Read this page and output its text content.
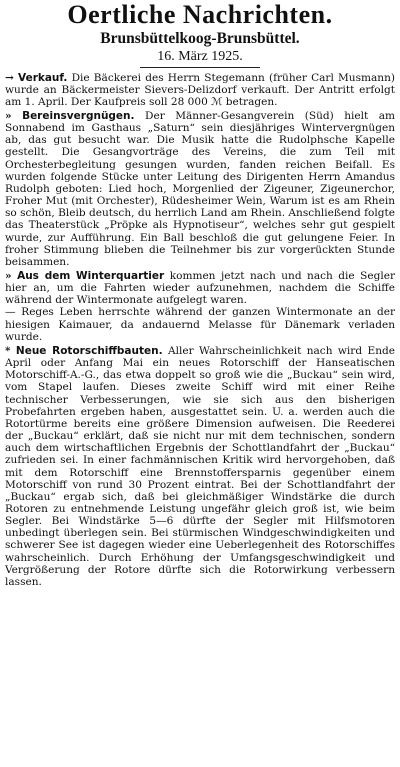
Oertliche Nachrichten.
Brunsbüttelkoog-Brunsbüttel.
16. März 1925.

→ Verkauf. Die Bäckerei des Herrn Stegemann (früher Carl Musmann) wurde an Bäckermeister Sievers-Delizdorf verkauft. Der Antritt erfolgt am 1. April. Der Kaufpreis soll 28 000 ℳ betragen.

» Bereinsvergnügen. Der Männer-Gesangverein (Süd) hielt am Sonnabend im Gasthaus „Saturn“ sein diesjähriges Wintervergnügen ab, das gut besucht war. Die Musik hatte die Rudolphsche Kapelle gestellt. Die Gesangvorträge des Vereins, die zum Teil mit Orchesterbegleitung gesungen wurden, fanden reichen Beifall. Es wurden folgende Stücke unter Leitung des Dirigenten Herrn Amandus Rudolph geboten: Lied hoch, Morgenlied der Zigeuner, Zigeunerchor, Froher Mut (mit Orchester), Rüdesheimer Wein, Warum ist es am Rhein so schön, Bleib deutsch, du herrlich Land am Rhein. Anschließend folgte das Theaterstück „Pröpke als Hypnotiseur“, welches sehr gut gespielt wurde, zur Aufführung. Ein Ball beschloß die gut gelungene Feier. In froher Stimmung blieben die Teilnehmer bis zur vorgerückten Stunde beisammen.

» Aus dem Winterquartier kommen jetzt nach und nach die Segler hier an, um die Fahrten wieder aufzunehmen, nachdem die Schiffe während der Wintermonate aufgelegt waren.

— Reges Leben herrschte während der ganzen Wintermonate an der hiesigen Kaimauer, da andauernd Melasse für Dänemark verladen wurde.

* Neue Rotorschiffbauten. Aller Wahrscheinlichkeit nach wird Ende April oder Anfang Mai ein neues Rotorschiff der Hanseatischen Motorschiff-A.-G., das etwa doppelt so groß wie die „Buckau“ sein wird, vom Stapel laufen. Dieses zweite Schiff wird mit einer Reihe technischer Verbesserungen, wie sie sich aus den bisherigen Probefahrten ergeben haben, ausgestattet sein. U. a. werden auch die Rotortürme bereits eine größere Dimension aufweisen. Die Reederei der „Buckau“ erklärt, daß sie nicht nur mit dem technischen, sondern auch dem wirtschaftlichen Ergebnis der Schottlandfahrt der „Buckau“ zufrieden sei. In einer fachmännischen Kritik wird hervorgehoben, daß mit dem Rotorschiff eine Brennstoffersparnis gegenüber einem Motorschiff von rund 30 Prozent eintrat. Bei der Schottlandfahrt der „Buckau“ ergab sich, daß bei gleichmäßiger Windstärke die durch Rotoren zu entnehmende Leistung ungefähr gleich groß ist, wie beim Segler. Bei Windstärke 5—6 dürfte der Segler mit Hilfsmotoren unbedingt überlegen sein. Bei stürmischen Windgeschwindigkeiten und schwerer See ist dagegen wieder eine Ueberlegenheit des Rotorschiffes wahrscheinlich. Durch Erhöhung der Umfangsgeschwindigkeit und Vergrößerung der Rotore dürfte sich die Rotorwirkung verbessern lassen.
